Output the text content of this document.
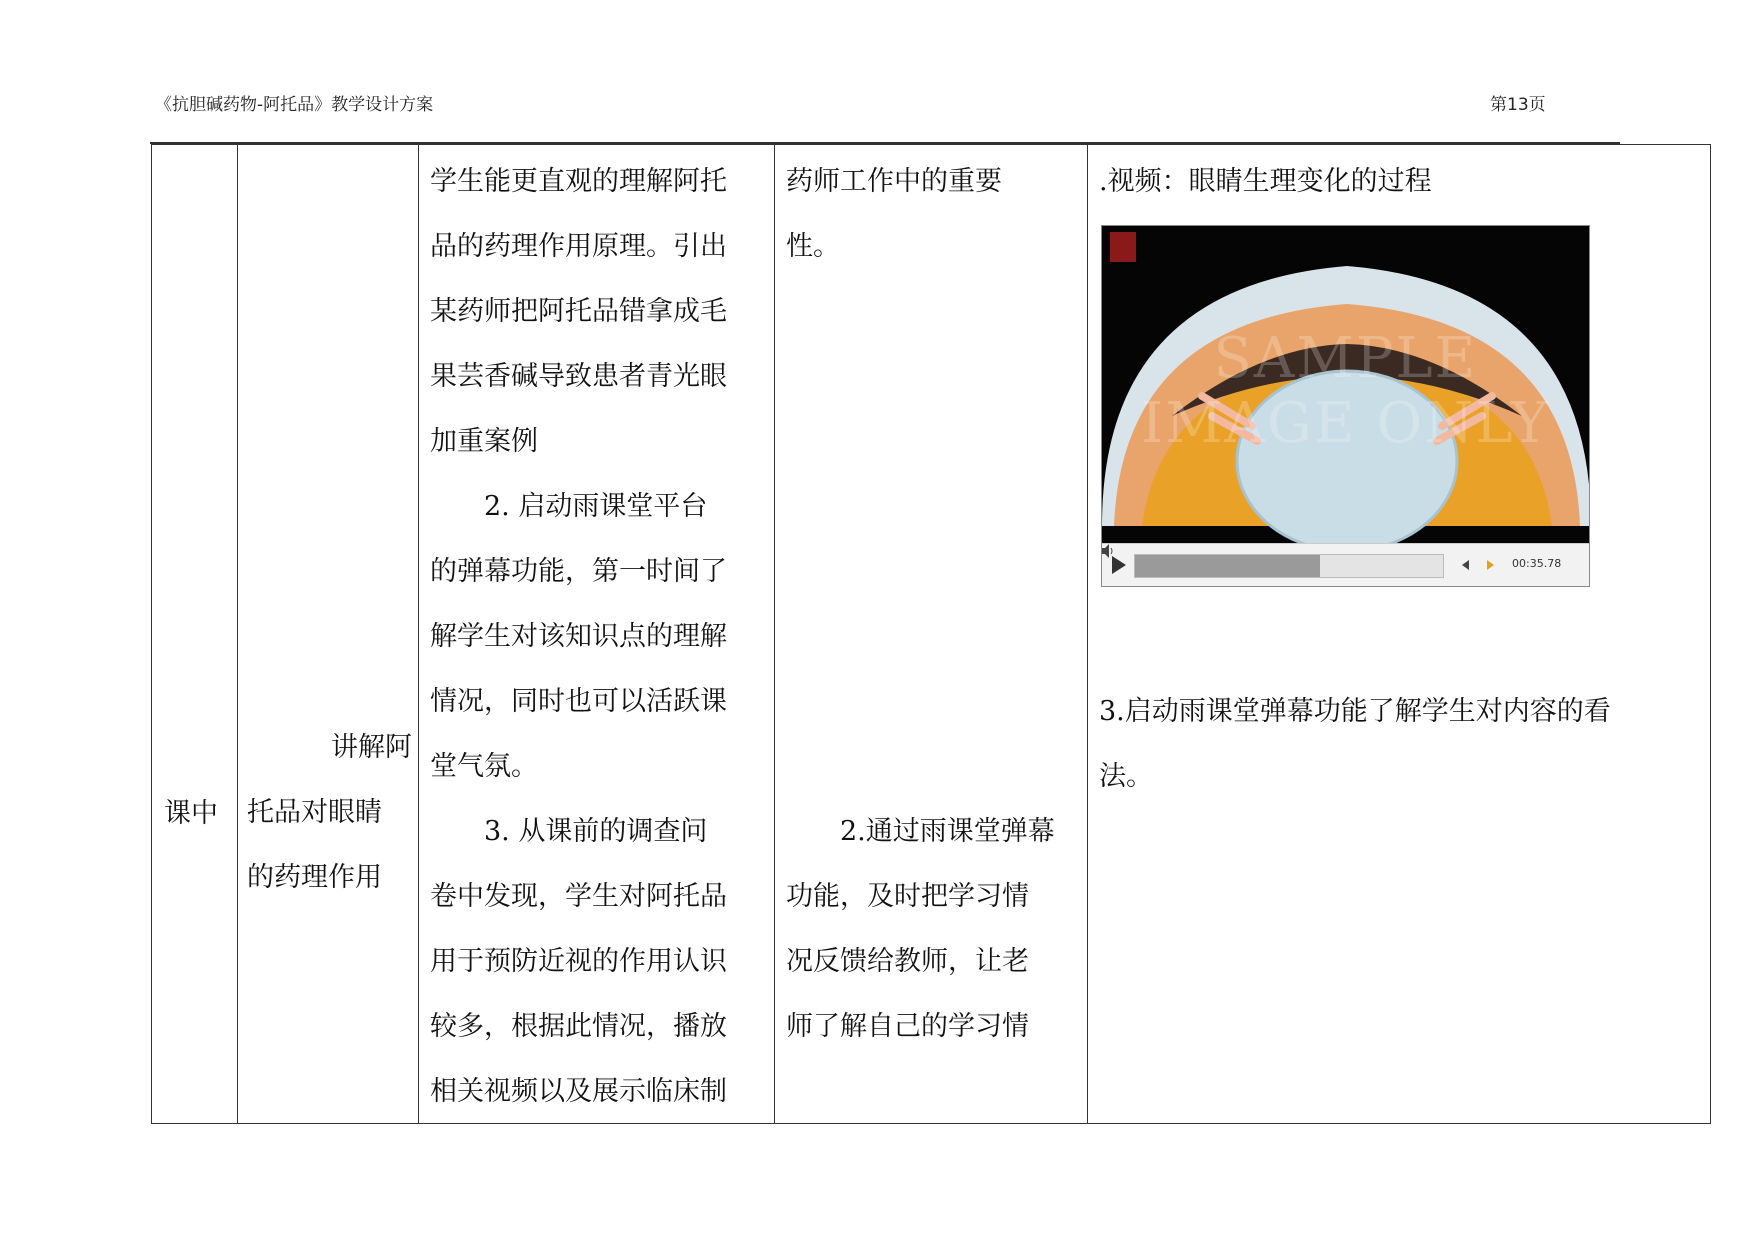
《抗胆碱药物-阿托品》教学设计方案	第13页

课中

讲解阿

托品对眼睛

的药理作用

学生能更直观的理解阿托

品的药理作用原理。引出

某药师把阿托品错拿成毛

果芸香碱导致患者青光眼

加重案例

2. 启动雨课堂平台

的弹幕功能，第一时间了

解学生对该知识点的理解

情况，同时也可以活跃课

堂气氛。

3. 从课前的调查问

卷中发现，学生对阿托品

用于预防近视的作用认识

较多，根据此情况，播放

相关视频以及展示临床制

药师工作中的重要

性。

2.通过雨课堂弹幕

功能，及时把学习情

况反馈给教师，让老

师了解自己的学习情

.视频：眼睛生理变化的过程

3.启动雨课堂弹幕功能了解学生对内容的看

法。

SAMPLE IMAGE ONLY
00:35.78
